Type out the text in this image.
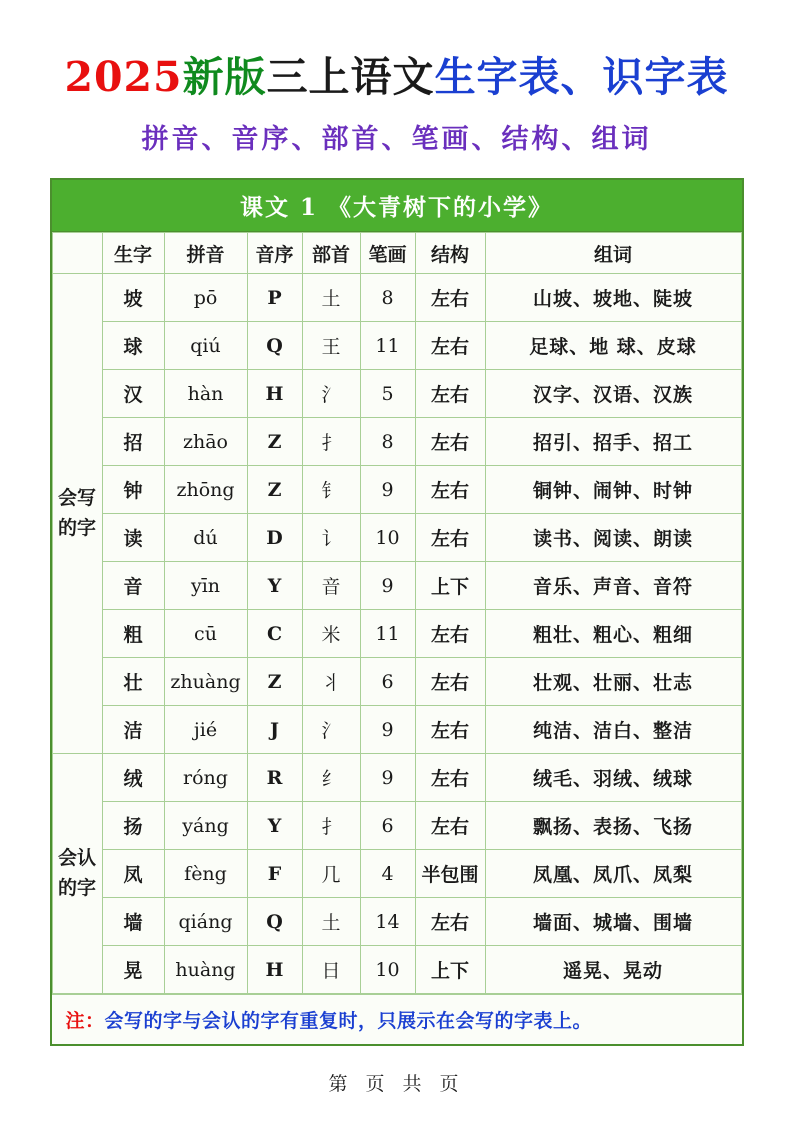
2025新版三上语文生字表、识字表
拼音、音序、部首、笔画、结构、组词
课文 1 《大青树下的小学》
	生字	拼音	音序	部首	笔画	结构	组词
会写的字	坡	pō	P	土	8	左右	山坡、坡地、陡坡
	球	qiú	Q	王	11	左右	足球、地 球、皮球
	汉	hàn	H	氵	5	左右	汉字、汉语、汉族
	招	zhāo	Z	扌	8	左右	招引、招手、招工
	钟	zhōng	Z	钅	9	左右	铜钟、闹钟、时钟
	读	dú	D	讠	10	左右	读书、阅读、朗读
	音	yīn	Y	音	9	上下	音乐、声音、音符
	粗	cū	C	米	11	左右	粗壮、粗心、粗细
	壮	zhuàng	Z	丬	6	左右	壮观、壮丽、壮志
	洁	jié	J	氵	9	左右	纯洁、洁白、整洁
会认的字	绒	róng	R	纟	9	左右	绒毛、羽绒、绒球
	扬	yáng	Y	扌	6	左右	飘扬、表扬、飞扬
	凤	fèng	F	几	4	半包围	凤凰、凤爪、凤梨
	墙	qiáng	Q	土	14	左右	墙面、城墙、围墙
	晃	huàng	H	日	10	上下	遥晃、晃动
注：会写的字与会认的字有重复时，只展示在会写的字表上。
第 页 共 页
